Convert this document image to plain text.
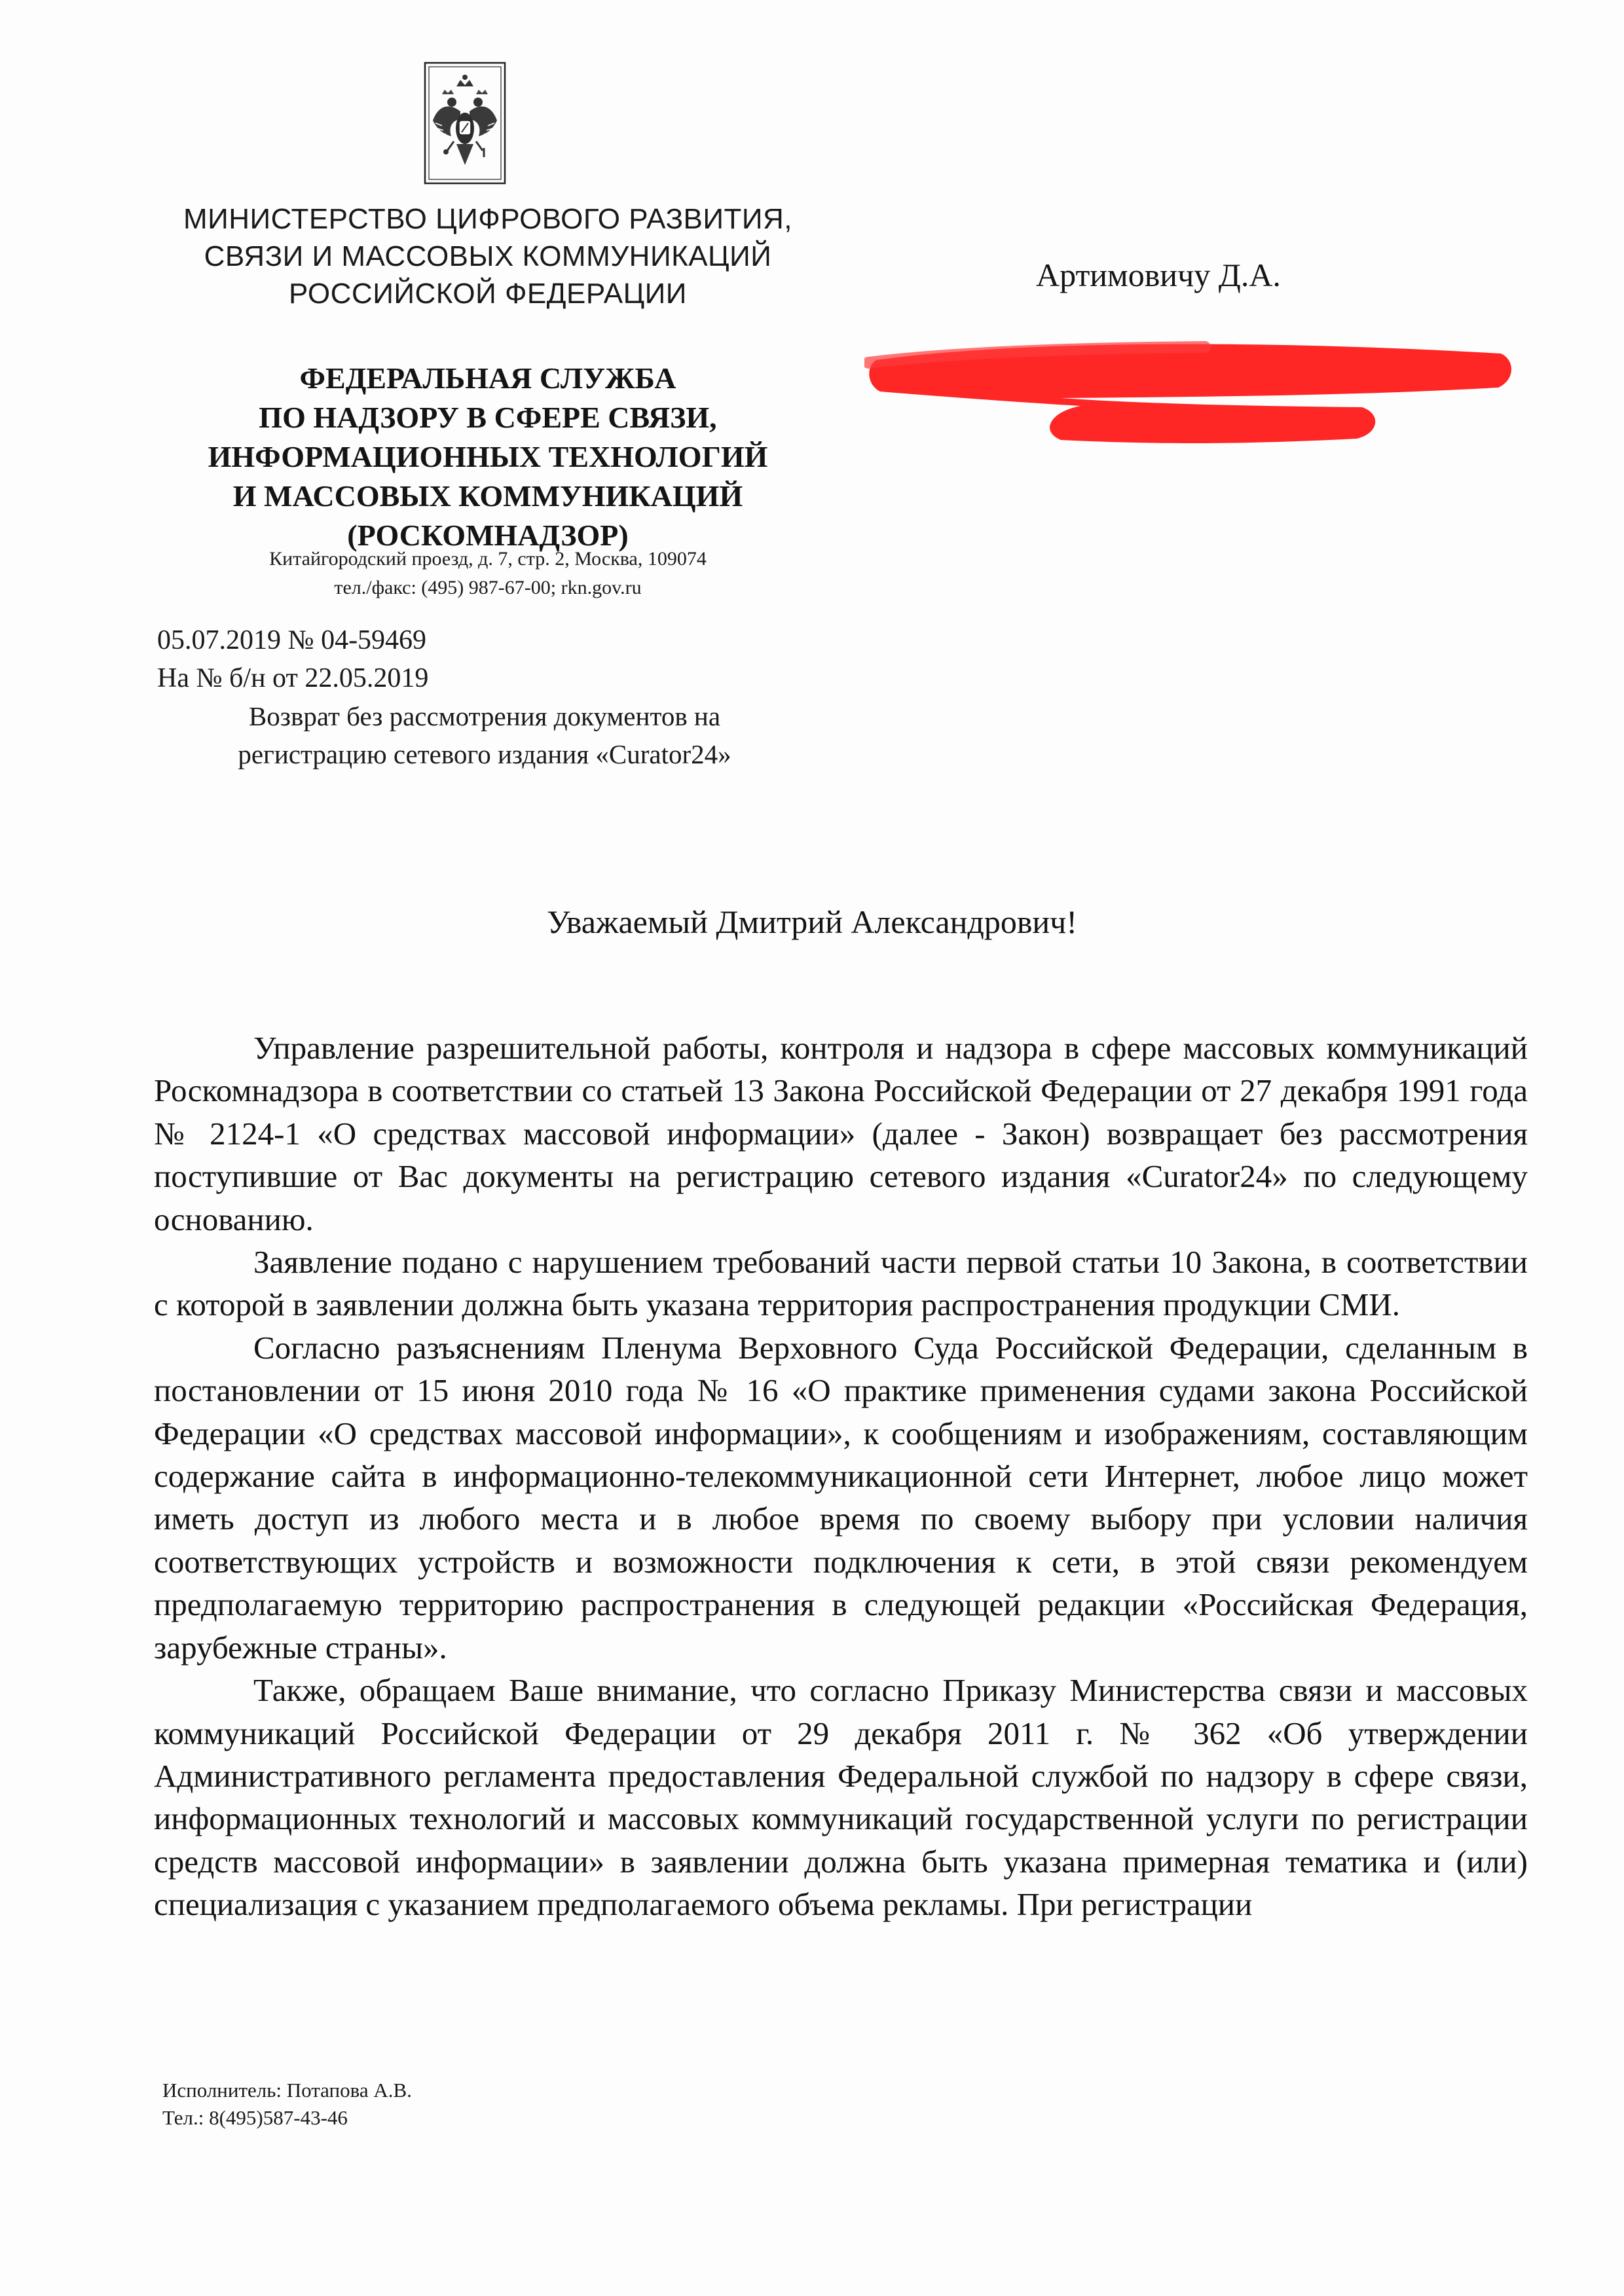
МИНИСТЕРСТВО ЦИФРОВОГО РАЗВИТИЯ,
СВЯЗИ И МАССОВЫХ КОММУНИКАЦИЙ
РОССИЙСКОЙ ФЕДЕРАЦИИ
ФЕДЕРАЛЬНАЯ СЛУЖБА
ПО НАДЗОРУ В СФЕРЕ СВЯЗИ,
ИНФОРМАЦИОННЫХ ТЕХНОЛОГИЙ
И МАССОВЫХ КОММУНИКАЦИЙ
(РОСКОМНАДЗОР)
Китайгородский проезд, д. 7, стр. 2, Москва, 109074
тел./факс: (495) 987-67-00; rkn.gov.ru
05.07.2019 № 04-59469
На № б/н от 22.05.2019
Возврат без рассмотрения документов на
регистрацию сетевого издания «Curator24»
Артимовичу Д.А.
Уважаемый Дмитрий Александрович!

Управление разрешительной работы, контроля и надзора в сфере массовых коммуникаций Роскомнадзора в соответствии со статьей 13 Закона Российской Федерации от 27 декабря 1991 года № 2124-1 «О средствах массовой информации» (далее - Закон) возвращает без рассмотрения поступившие от Вас документы на регистрацию сетевого издания «Curator24» по следующему основанию.

Заявление подано с нарушением требований части первой статьи 10 Закона, в соответствии с которой в заявлении должна быть указана территория распространения продукции СМИ.

Согласно разъяснениям Пленума Верховного Суда Российской Федерации, сделанным в постановлении от 15 июня 2010 года № 16 «О практике применения судами закона Российской Федерации «О средствах массовой информации», к сообщениям и изображениям, составляющим содержание сайта в информационно-телекоммуникационной сети Интернет, любое лицо может иметь доступ из любого места и в любое время по своему выбору при условии наличия соответствующих устройств и возможности подключения к сети, в этой связи рекомендуем предполагаемую территорию распространения в следующей редакции «Российская Федерация, зарубежные страны».

Также, обращаем Ваше внимание, что согласно Приказу Министерства связи и массовых коммуникаций Российской Федерации от 29 декабря 2011 г. № 362 «Об утверждении Административного регламента предоставления Федеральной службой по надзору в сфере связи, информационных технологий и массовых коммуникаций государственной услуги по регистрации средств массовой информации» в заявлении должна быть указана примерная тематика и (или) специализация с указанием предполагаемого объема рекламы. При регистрации

Исполнитель: Потапова А.В.
Тел.: 8(495)587-43-46
